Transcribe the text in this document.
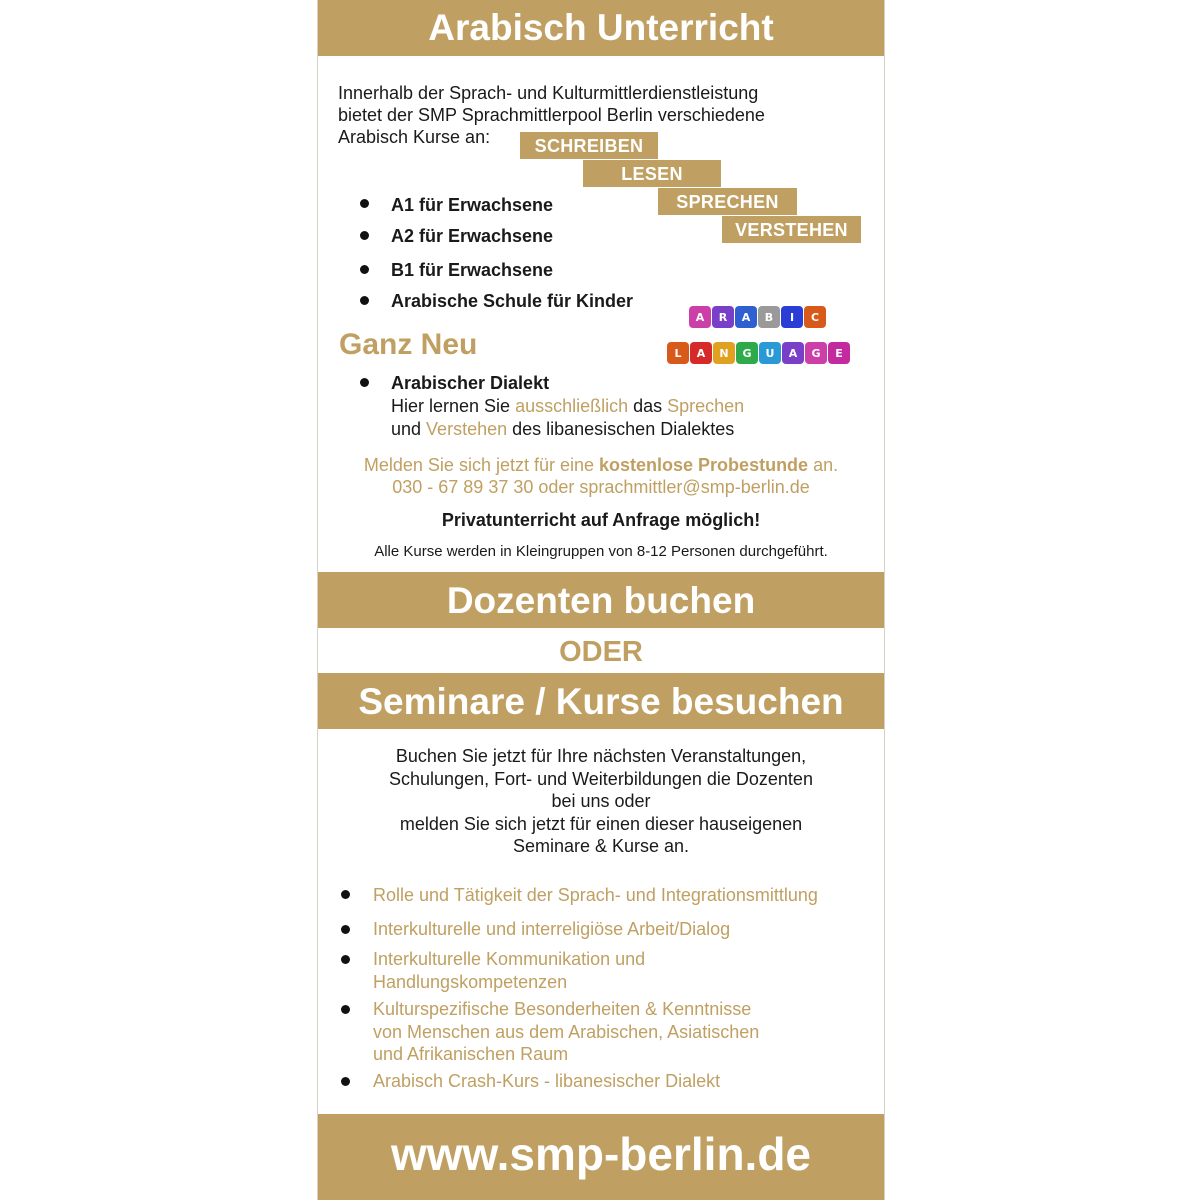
Arabisch Unterricht
Innerhalb der Sprach- und Kulturmittlerdienstleistung
bietet der SMP Sprachmittlerpool Berlin verschiedene
Arabisch Kurse an:	SCHREIBEN
LESEN
SPRECHEN
VERSTEHEN
A1 für Erwachsene
A2 für Erwachsene
B1 für Erwachsene
Arabische Schule für Kinder
A R A B I C
L A N G U A G E
Ganz Neu
Arabischer Dialekt
Hier lernen Sie ausschließlich das Sprechen
und Verstehen des libanesischen Dialektes
Melden Sie sich jetzt für eine kostenlose Probestunde an.
030 - 67 89 37 30 oder sprachmittler@smp-berlin.de
Privatunterricht auf Anfrage möglich!
Alle Kurse werden in Kleingruppen von 8-12 Personen durchgeführt.
Dozenten buchen
ODER
Seminare / Kurse besuchen
Buchen Sie jetzt für Ihre nächsten Veranstaltungen,
Schulungen, Fort- und Weiterbildungen die Dozenten
bei uns oder
melden Sie sich jetzt für einen dieser hauseigenen
Seminare & Kurse an.
Rolle und Tätigkeit der Sprach- und Integrationsmittlung
Interkulturelle und interreligiöse Arbeit/Dialog
Interkulturelle Kommunikation und
Handlungskompetenzen
Kulturspezifische Besonderheiten & Kenntnisse
von Menschen aus dem Arabischen, Asiatischen
und Afrikanischen Raum
Arabisch Crash-Kurs - libanesischer Dialekt
www.smp-berlin.de
